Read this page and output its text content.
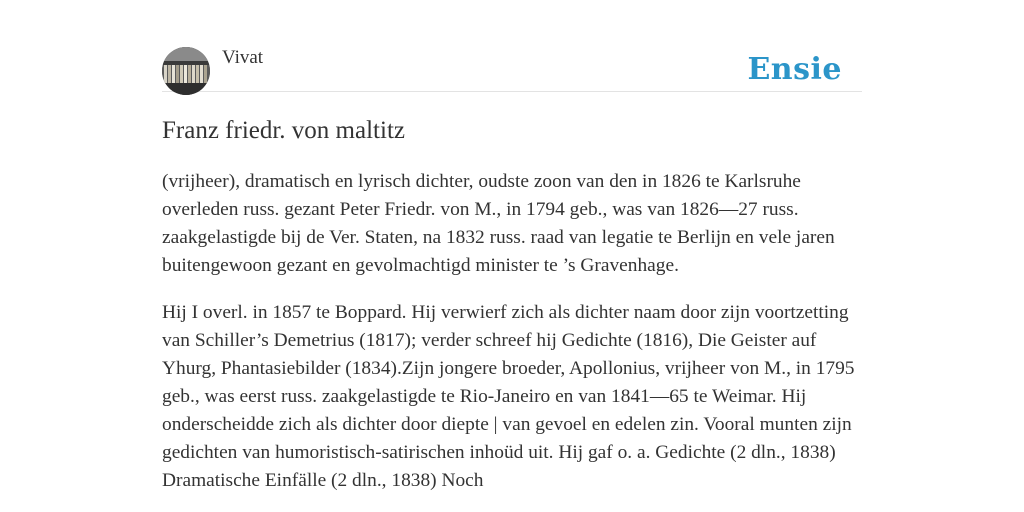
Vivat	Ensie
Franz friedr. von maltitz

(vrijheer), dramatisch en lyrisch dichter, oudste zoon van den in 1826 te Karlsruhe overleden russ. gezant Peter Friedr. von M., in 1794 geb., was van 1826—27 russ. zaakgelastigde bij de Ver. Staten, na 1832 russ. raad van legatie te Berlijn en vele jaren buitengewoon gezant en gevolmachtigd minister te ’s Gravenhage.

Hij I overl. in 1857 te Boppard. Hij verwierf zich als dichter naam door zijn voortzetting van Schiller’s Demetrius (1817); verder schreef hij Gedichte (1816), Die Geister auf Yhurg, Phantasiebilder (1834).Zijn jongere broeder, Apollonius, vrijheer von M., in 1795 geb., was eerst russ. zaakgelastigde te Rio-Janeiro en van 1841—65 te Weimar. Hij onderscheidde zich als dichter door diepte | van gevoel en edelen zin. Vooral munten zijn gedichten van humoristisch-satirischen inhoüd uit. Hij gaf o. a. Gedichte (2 dln., 1838) Dramatische Einfälle (2 dln., 1838) Noch
